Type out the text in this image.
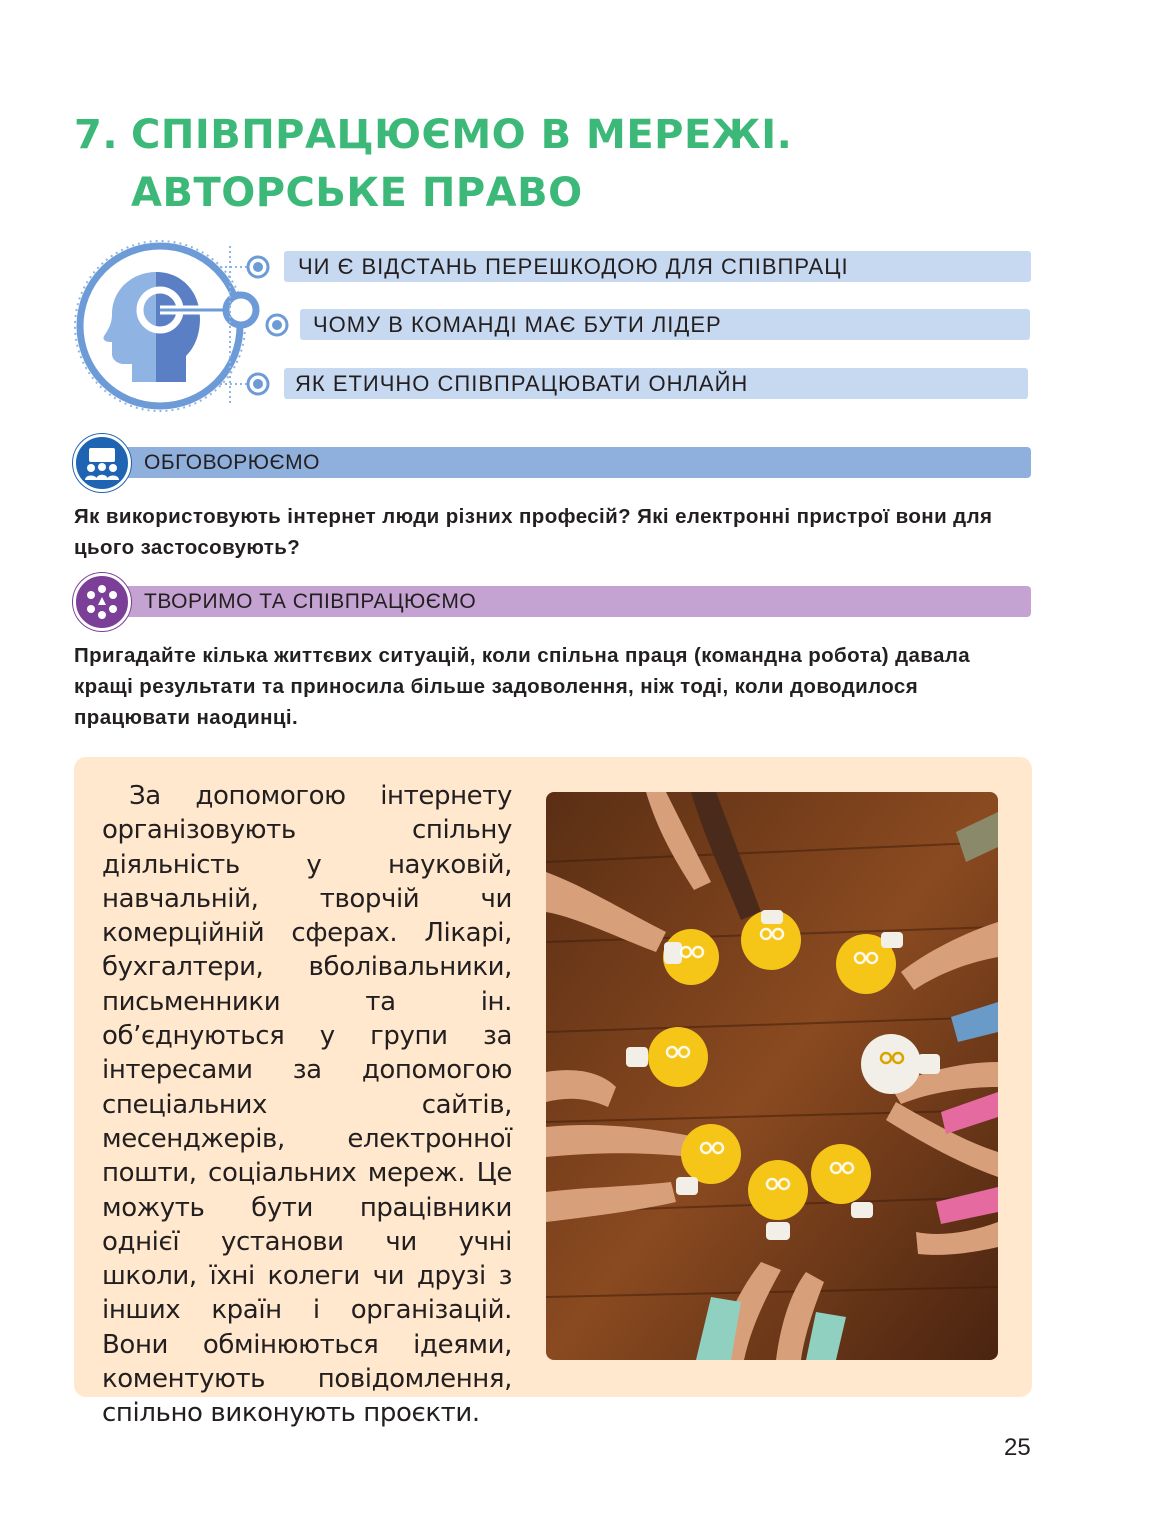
7. СПІВПРАЦЮЄМО В МЕРЕЖІ.
АВТОРСЬКЕ ПРАВО
ЧИ Є ВІДСТАНЬ ПЕРЕШКОДОЮ ДЛЯ СПІВПРАЦІ
ЧОМУ В КОМАНДІ МАЄ БУТИ ЛІДЕР
ЯК ЕТИЧНО СПІВПРАЦЮВАТИ ОНЛАЙН
ОБГОВОРЮЄМО

Як використовують інтернет люди різних професій? Які електронні пристрої вони для цього застосовують?

ТВОРИМО ТА СПІВПРАЦЮЄМО

Пригадайте кілька життєвих ситуацій, коли спільна праця (командна робота) давала кращі результати та приносила більше задоволення, ніж тоді, коли доводилося працювати наодинці.

За допомогою інтернету організовують спільну діяльність у науковій, навчальній, творчій чи комерційній сферах. Лікарі, бухгалтери, вболівальники, письменники та ін. об’єднуються у групи за інтересами за допомогою спеціальних сайтів, месенджерів, електронної пошти, соціальних мереж. Це можуть бути працівники однієї установи чи учні школи, їхні колеги чи друзі з інших країн і організацій. Вони обмінюються ідеями, коментують повідомлення, спільно виконують проєкти.

25
